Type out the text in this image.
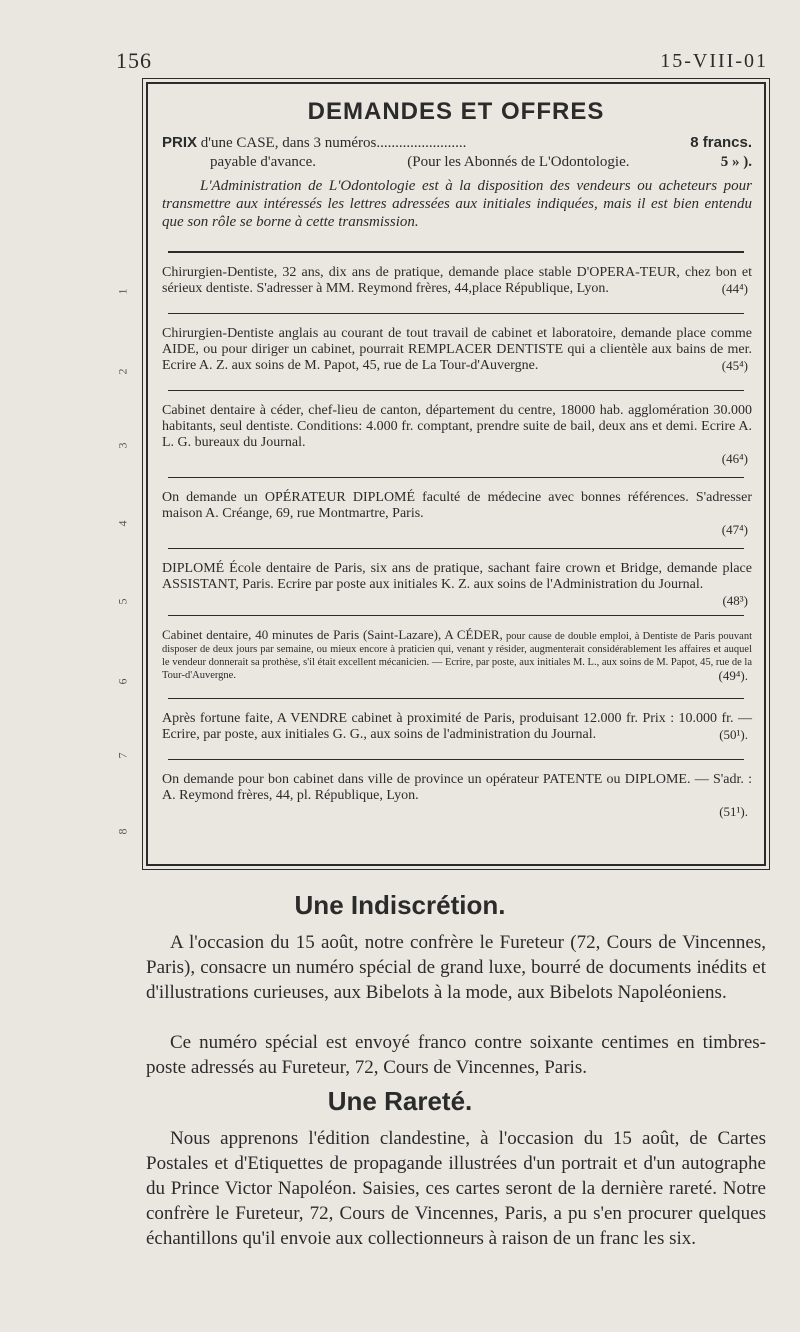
156	15-VIII-01
DEMANDES ET OFFRES
PRIX d'une CASE, dans 3 numéros........................	8 francs.
payable d'avance.	(Pour les Abonnés de L'Odontologie.	5 » ).
L'Administration de L'Odontologie est à la disposition des vendeurs ou acheteurs pour transmettre aux intéressés les lettres adressées aux initiales indiquées, mais il est bien entendu que son rôle se borne à cette transmission.
Chirurgien-Dentiste, 32 ans, dix ans de pratique, demande place stable D'OPERA-TEUR, chez bon et sérieux dentiste. S'adresser à MM. Reymond frères, 44,place République, Lyon.	(44⁴)
Chirurgien-Dentiste anglais au courant de tout travail de cabinet et laboratoire, demande place comme AIDE, ou pour diriger un cabinet, pourrait REMPLACER DENTISTE qui a clientèle aux bains de mer. Ecrire A. Z. aux soins de M. Papot, 45, rue de La Tour-d'Auvergne.	(45⁴)
Cabinet dentaire à céder, chef-lieu de canton, département du centre, 18000 hab. agglomération 30.000 habitants, seul dentiste. Conditions: 4.000 fr. comptant, prendre suite de bail, deux ans et demi. Ecrire A. L. G. bureaux du Journal.
(46⁴)
On demande un OPÉRATEUR DIPLOMÉ faculté de médecine avec bonnes références. S'adresser maison A. Créange, 69, rue Montmartre, Paris.
(47⁴)
DIPLOMÉ École dentaire de Paris, six ans de pratique, sachant faire crown et Bridge, demande place ASSISTANT, Paris. Ecrire par poste aux initiales K. Z. aux soins de l'Administration du Journal.
(48³)
Cabinet dentaire, 40 minutes de Paris (Saint-Lazare), A CÉDER, pour cause de double emploi, à Dentiste de Paris pouvant disposer de deux jours par semaine, ou mieux encore à praticien qui, venant y résider, augmenterait considérablement les affaires et auquel le vendeur donnerait sa prothèse, s'il était excellent mécanicien. — Ecrire, par poste, aux initiales M. L., aux soins de M. Papot, 45, rue de la Tour-d'Auvergne.	(49⁴).
Après fortune faite, A VENDRE cabinet à proximité de Paris, produisant 12.000 fr. Prix : 10.000 fr. — Ecrire, par poste, aux initiales G. G., aux soins de l'administration du Journal.	(50¹).
On demande pour bon cabinet dans ville de province un opérateur PATENTE ou DIPLOME. — S'adr. : A. Reymond frères, 44, pl. République, Lyon.
(51¹).
1
2
3
4
5
6
7
8
Une Indiscrétion.

A l'occasion du 15 août, notre confrère le Fureteur (72, Cours de Vincennes, Paris), consacre un numéro spécial de grand luxe, bourré de documents inédits et d'illustrations curieuses, aux Bibelots à la mode, aux Bibelots Napoléoniens.

Ce numéro spécial est envoyé franco contre soixante centimes en timbres-poste adressés au Fureteur, 72, Cours de Vincennes, Paris.

Une Rareté.

Nous apprenons l'édition clandestine, à l'occasion du 15 août, de Cartes Postales et d'Etiquettes de propagande illustrées d'un portrait et d'un autographe du Prince Victor Napoléon. Saisies, ces cartes seront de la dernière rareté. Notre confrère le Fureteur, 72, Cours de Vincennes, Paris, a pu s'en procurer quelques échantillons qu'il envoie aux collectionneurs à raison de un franc les six.
